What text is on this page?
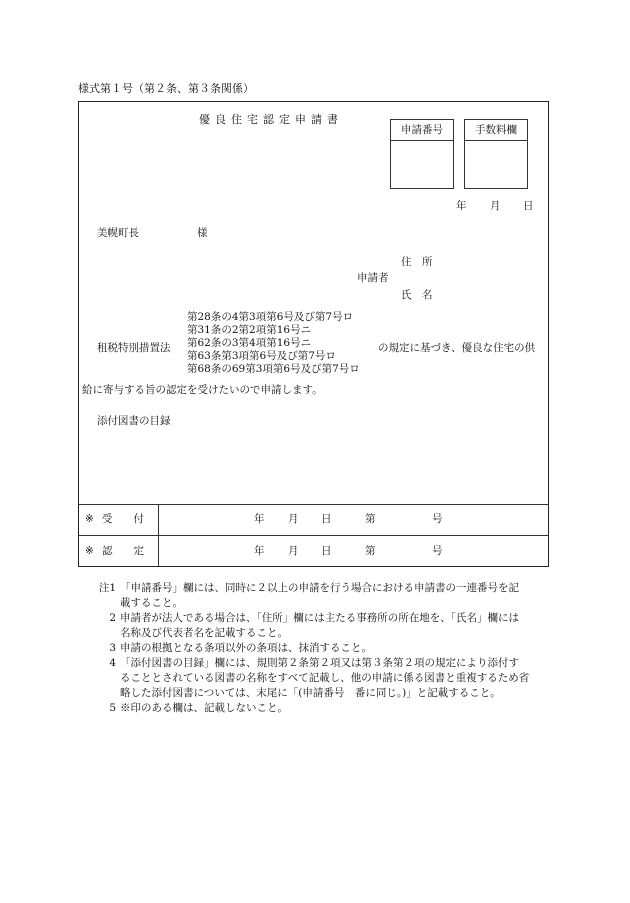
様式第１号（第２条、第３条関係）
優良住宅認定申請書
申請番号	手数料欄
年 月 日
美幌町長	様
住　所
申請者
氏　名
租税特別措置法
第28条の4第3項第6号及び第7号ロ
第31条の2第2項第16号ニ
第62条の3第4項第16号ニ
第63条第3項第6号及び第7号ロ
第68条の69第3項第6号及び第7号ロ
の規定に基づき、優良な住宅の供
給に寄与する旨の認定を受けたいので申請します。
添付図書の目録
※ 受　　付	年 月 日	第	号
※ 認　　定	年 月 日	第	号
注1 「申請番号」欄には、同時に２以上の申請を行う場合における申請書の一連番号を記
載すること。
2 申請者が法人である場合は、「住所」欄には主たる事務所の所在地を、「氏名」欄には
名称及び代表者名を記載すること。
3 申請の根拠となる条項以外の条項は、抹消すること。
4 「添付図書の目録」欄には、規則第２条第２項又は第３条第２項の規定により添付す
ることとされている図書の名称をすべて記載し、他の申請に係る図書と重複するため省
略した添付図書については、末尾に「(申請番号　番に同じ。)」と記載すること。
5 ※印のある欄は、記載しないこと。
